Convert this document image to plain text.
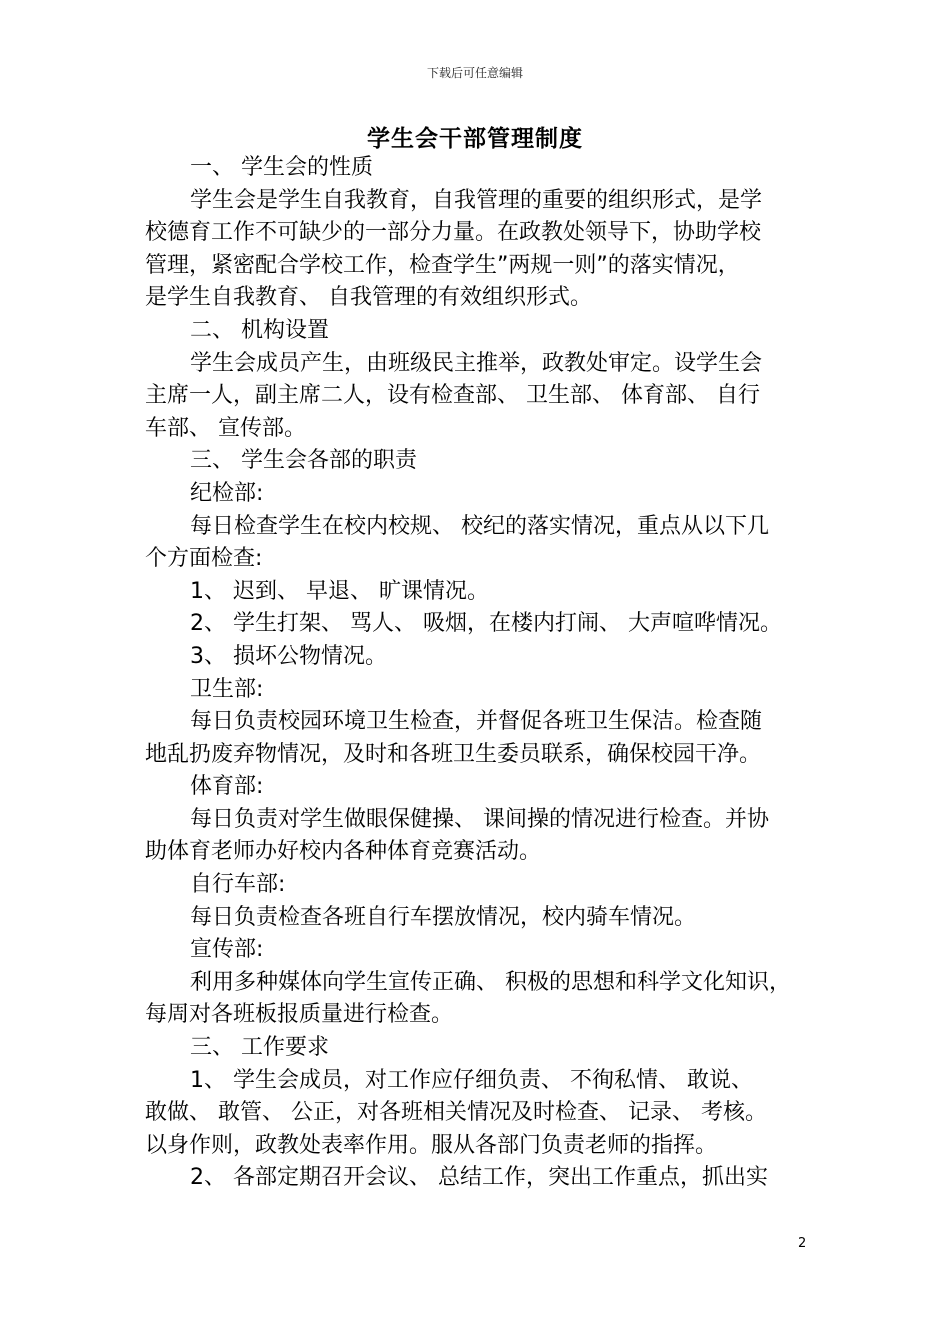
下载后可任意编辑
学生会干部管理制度
一、 学生会的性质
学生会是学生自我教育，自我管理的重要的组织形式，是学
校德育工作不可缺少的一部分力量。在政教处领导下，协助学校
管理，紧密配合学校工作，检查学生”两规一则”的落实情况，
是学生自我教育、 自我管理的有效组织形式。
二、 机构设置
学生会成员产生，由班级民主推举，政教处审定。设学生会
主席一人，副主席二人，设有检查部、 卫生部、 体育部、 自行
车部、 宣传部。
三、 学生会各部的职责
纪检部:
每日检查学生在校内校规、 校纪的落实情况，重点从以下几
个方面检查:
1、 迟到、 早退、 旷课情况。
2、 学生打架、 骂人、 吸烟，在楼内打闹、 大声喧哗情况。
3、 损坏公物情况。
卫生部:
每日负责校园环境卫生检查，并督促各班卫生保洁。检查随
地乱扔废弃物情况，及时和各班卫生委员联系，确保校园干净。
体育部:
每日负责对学生做眼保健操、 课间操的情况进行检查。并协
助体育老师办好校内各种体育竞赛活动。
自行车部:
每日负责检查各班自行车摆放情况，校内骑车情况。
宣传部:
利用多种媒体向学生宣传正确、 积极的思想和科学文化知识，
每周对各班板报质量进行检查。
三、 工作要求
1、 学生会成员，对工作应仔细负责、 不徇私情、 敢说、
敢做、 敢管、 公正，对各班相关情况及时检查、 记录、 考核。
以身作则，政教处表率作用。服从各部门负责老师的指挥。
2、 各部定期召开会议、 总结工作，突出工作重点，抓出实
2
